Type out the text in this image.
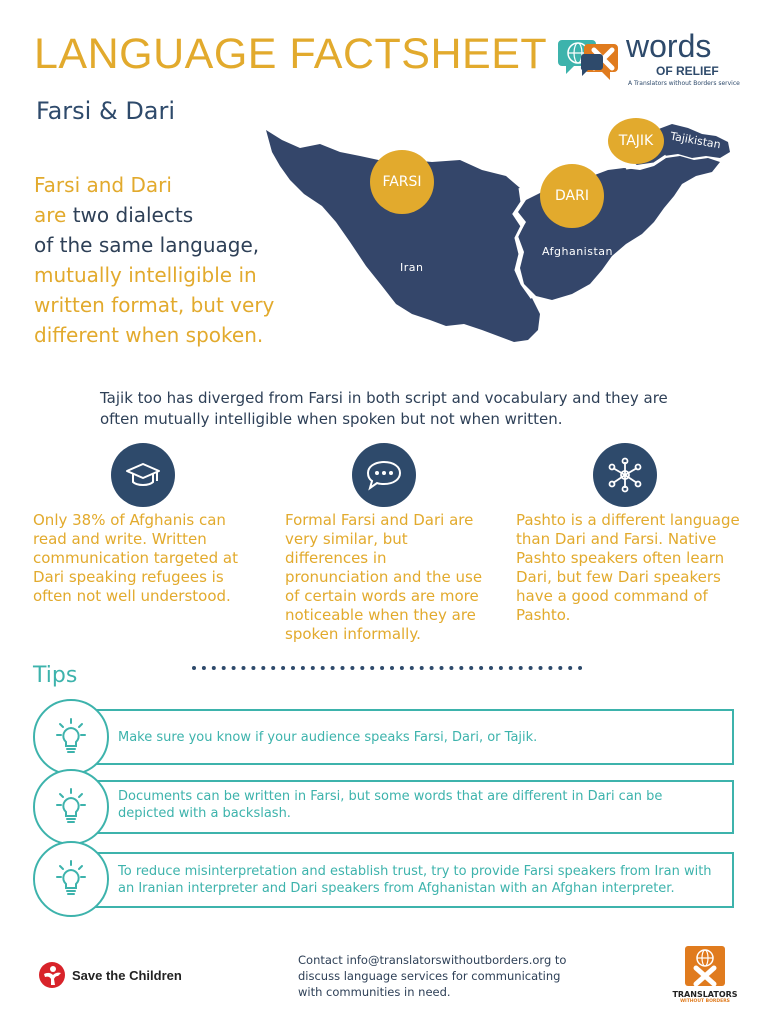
LANGUAGE FACTSHEET
Farsi & Dari
words
OF RELIEF
A Translators without Borders service
Farsi and Dari
are two dialects
of the same language,
mutually intelligible in
written format, but very
different when spoken.
Iran
Afghanistan
Tajikistan
FARSI
DARI
TAJIK
Tajik too has diverged from Farsi in both script and vocabulary and they are often mutually intelligible when spoken but not when written.
Only 38% of Afghanis can read and write. Written communication targeted at Dari speaking refugees is often not well understood.
Formal Farsi and Dari are very similar, but differences in pronunciation and the use of certain words are more noticeable when they are spoken informally.
Pashto is a different language than Dari and Farsi. Native Pashto speakers often learn Dari, but few Dari speakers have a good command of Pashto.
Tips
Make sure you know if your audience speaks Farsi, Dari, or Tajik.
Documents can be written in Farsi, but some words that are different in Dari can be depicted with a backslash.
To reduce misinterpretation and establish trust, try to provide Farsi speakers from Iran with an Iranian interpreter and Dari speakers from Afghanistan with an Afghan interpreter.
Save the Children
Contact info@translatorswithoutborders.org to discuss language services for communicating with communities in need.	TRANSLATORS
WITHOUT BORDERS
